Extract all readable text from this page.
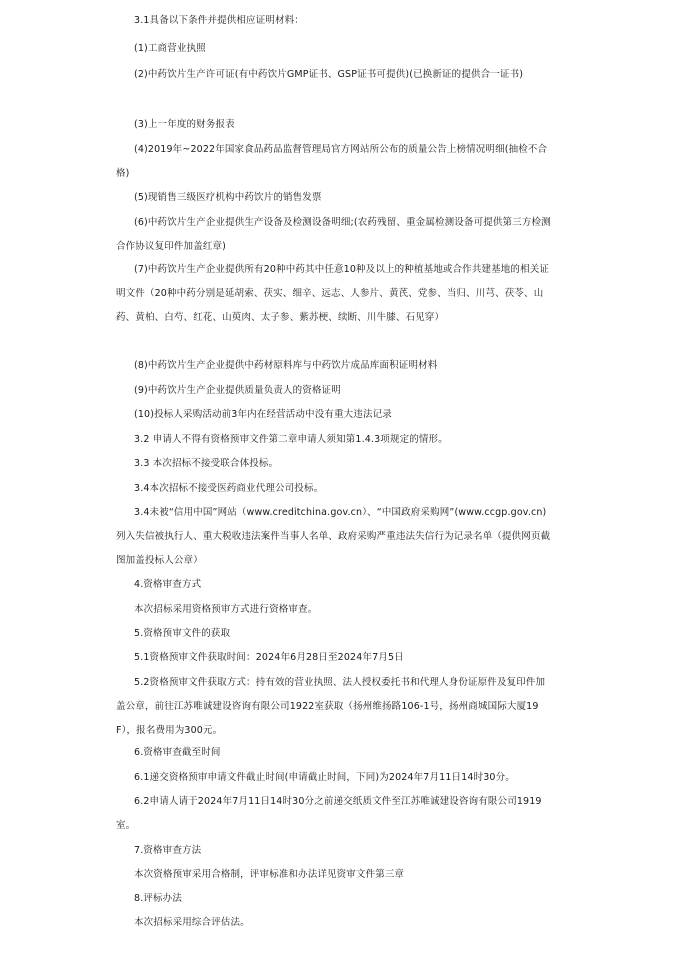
3.1具备以下条件并提供相应证明材料：

(1)工商营业执照

(2)中药饮片生产许可证(有中药饮片GMP证书、GSP证书可提供)(已换新证的提供合一证书)

(3)上一年度的财务报表

(4)2019年~2022年国家食品药品监督管理局官方网站所公布的质量公告上榜情况明细(抽检不合格)

(5)现销售三级医疗机构中药饮片的销售发票

(6)中药饮片生产企业提供生产设备及检测设备明细;(农药残留、重金属检测设备可提供第三方检测合作协议复印件加盖红章)

(7)中药饮片生产企业提供所有20种中药其中任意10种及以上的种植基地或合作共建基地的相关证明文件（20种中药分别是延胡索、茯实、细辛、远志、人参片、黄芪、党参、当归、川芎、茯苓、山药、黄柏、白芍、红花、山萸肉、太子参、紫苏梗、续断、川牛膝、石见穿）

(8)中药饮片生产企业提供中药材原料库与中药饮片成品库面积证明材料

(9)中药饮片生产企业提供质量负责人的资格证明

(10)投标人采购活动前3年内在经营活动中没有重大违法记录

3.2 申请人不得有资格预审文件第二章申请人须知第1.4.3项规定的情形。

3.3 本次招标不接受联合体投标。

3.4本次招标不接受医药商业代理公司投标。

3.4未被“信用中国”网站（www.creditchina.gov.cn）、“中国政府采购网”(www.ccgp.gov.cn)列入失信被执行人、重大税收违法案件当事人名单、政府采购严重违法失信行为记录名单（提供网页截图加盖投标人公章）

4.资格审查方式

本次招标采用资格预审方式进行资格审查。

5.资格预审文件的获取

5.1资格预审文件获取时间：2024年6月28日至2024年7月5日

5.2资格预审文件获取方式：持有效的营业执照、法人授权委托书和代理人身份证原件及复印件加盖公章，前往江苏唯诚建设咨询有限公司1922室获取（扬州维扬路106-1号，扬州商城国际大厦19F），报名费用为300元。

6.资格审查截至时间

6.1递交资格预审申请文件截止时间(申请截止时间，下同)为2024年7月11日14时30分。

6.2申请人请于2024年7月11日14时30分之前递交纸质文件至江苏唯诚建设咨询有限公司1919室。

7.资格审查方法

本次资格预审采用合格制，评审标准和办法详见资审文件第三章

8.评标办法

本次招标采用综合评估法。
